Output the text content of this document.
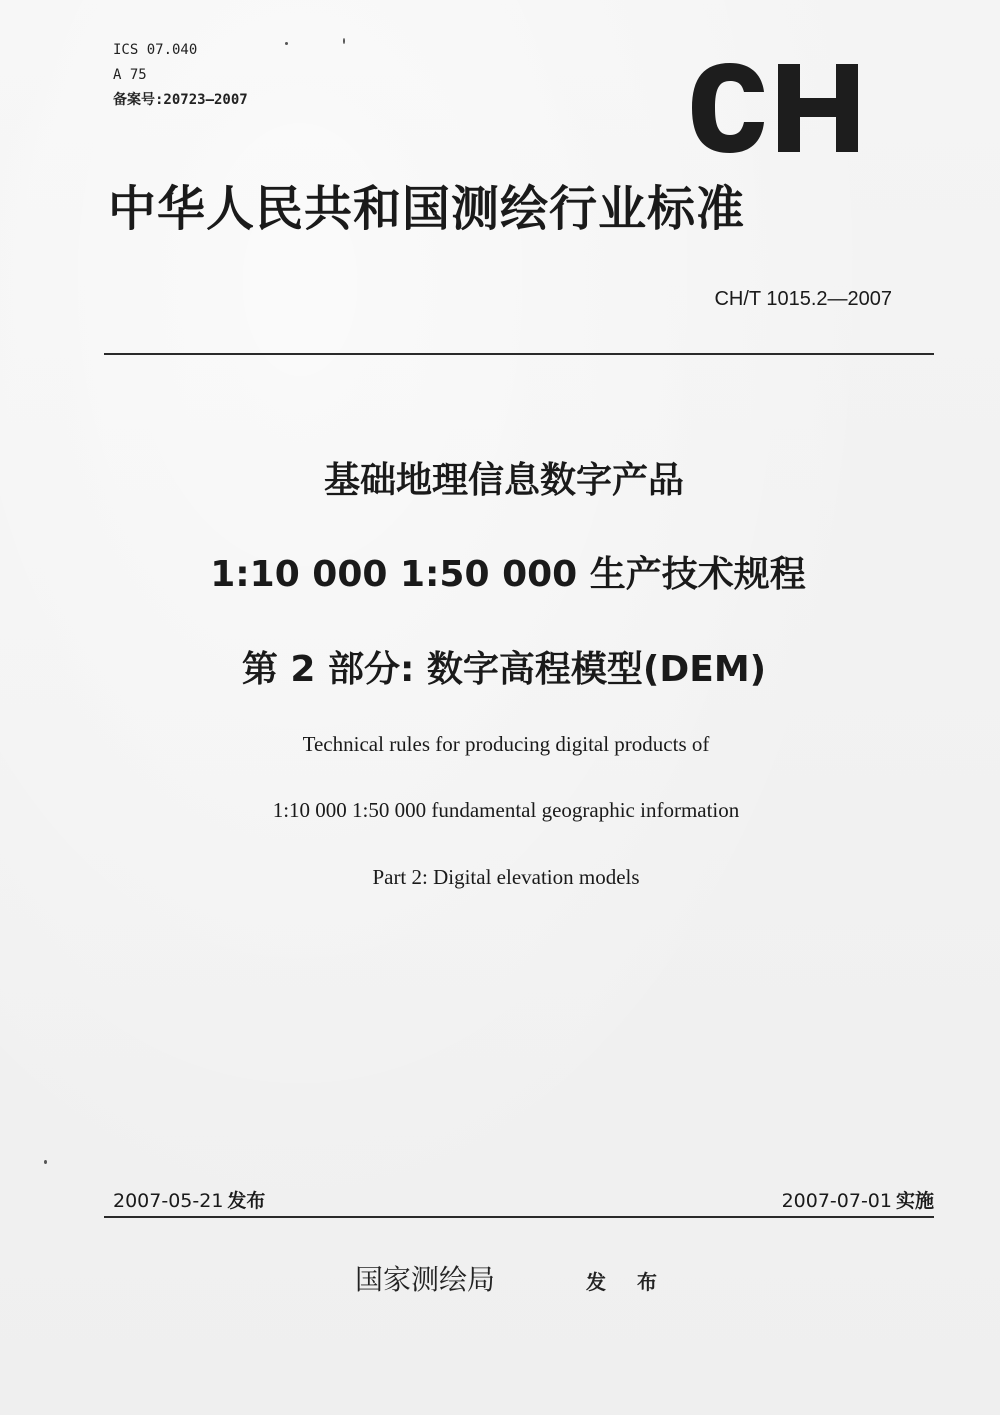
ICS 07.040
A 75
备案号:20723—2007
中华人民共和国测绘行业标准
CH/T 1015.2—2007
基础地理信息数字产品
1:10 000 1:50 000 生产技术规程
第 2 部分: 数字高程模型(DEM)
Technical rules for producing digital products of
1:10 000 1:50 000 fundamental geographic information
Part 2: Digital elevation models
2007-05-21 发布	2007-07-01 实施
国家测绘局	发 布
